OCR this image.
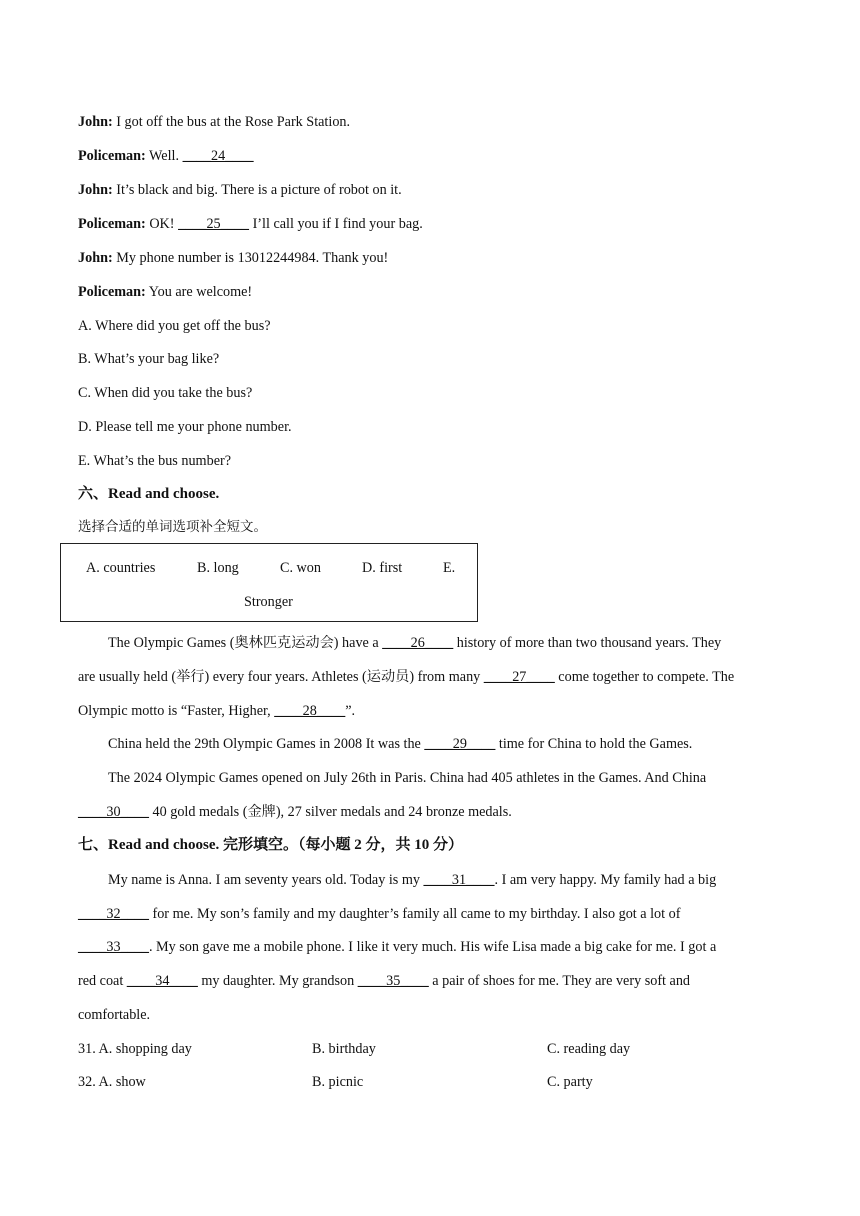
John: I got off the bus at the Rose Park Station.
Policeman: Well. ____24____
John: It’s black and big. There is a picture of robot on it.
Policeman: OK! ____25____ I’ll call you if I find your bag.
John: My phone number is 13012244984. Thank you!
Policeman: You are welcome!
A. Where did you get off the bus?
B. What’s your bag like?
C. When did you take the bus?
D. Please tell me your phone number.
E. What’s the bus number?
六、Read and choose.
选择合适的单词选项补全短文。
A. countries	B. long	C. won	D. first	E.
Stronger
The Olympic Games (奥林匹克运动会) have a ____26____ history of more than two thousand years. They
are usually held (举行) every four years. Athletes (运动员) from many ____27____ come together to compete. The
Olympic motto is “Faster, Higher, ____28____”.
China held the 29th Olympic Games in 2008 It was the ____29____ time for China to hold the Games.
The 2024 Olympic Games opened on July 26th in Paris. China had 405 athletes in the Games. And China
____30____ 40 gold medals (金牌), 27 silver medals and 24 bronze medals.
七、Read and choose. 完形填空。（每小题 2 分，共 10 分）
My name is Anna. I am seventy years old. Today is my ____31____. I am very happy. My family had a big
____32____ for me. My son’s family and my daughter’s family all came to my birthday. I also got a lot of
____33____. My son gave me a mobile phone. I like it very much. His wife Lisa made a big cake for me. I got a
red coat ____34____ my daughter. My grandson ____35____ a pair of shoes for me. They are very soft and
comfortable.
31. A. shopping day	B. birthday	C. reading day
32. A. show	B. picnic	C. party
